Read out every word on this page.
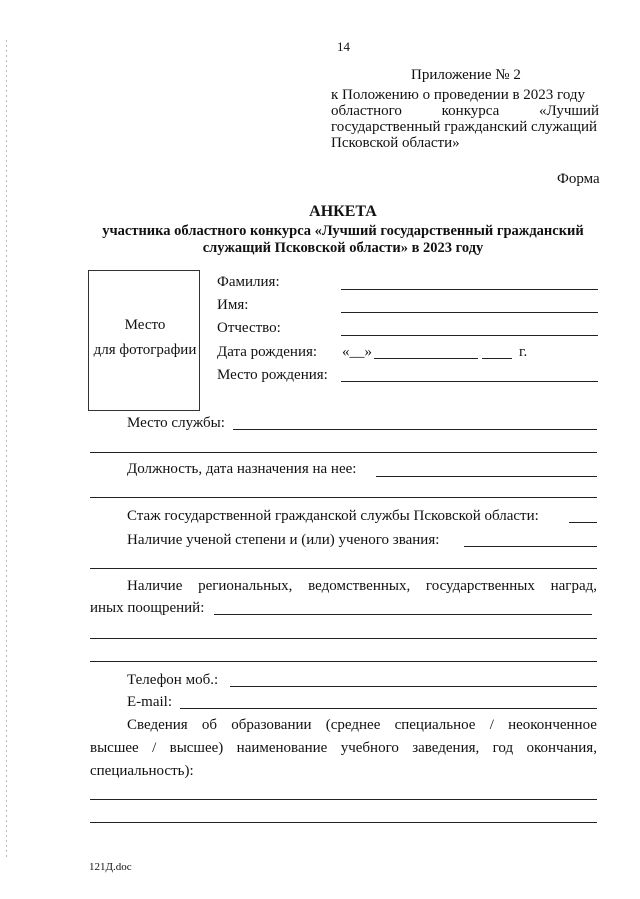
14
Приложение № 2
к Положению о проведении в 2023 году
областного	конкурса	«Лучший
государственный гражданский служащий
Псковской области»
Форма
АНКЕТА
участника областного конкурса «Лучший государственный гражданский
служащий Псковской области» в 2023 году
Место
для фотографии
Фамилия:
Имя:
Отчество:
Дата рождения: «__»	г.
Место рождения:
Место службы:
Должность, дата назначения на нее:
Стаж государственной гражданской службы Псковской области:
Наличие ученой степени и (или) ученого звания:
Наличие региональных, ведомственных, государственных наград,
иных поощрений:
Телефон моб.:
E-mail:
Сведения об образовании (среднее специальное / неоконченное
высшее / высшее) наименование учебного заведения, год окончания,
специальность):
121Д.doc
